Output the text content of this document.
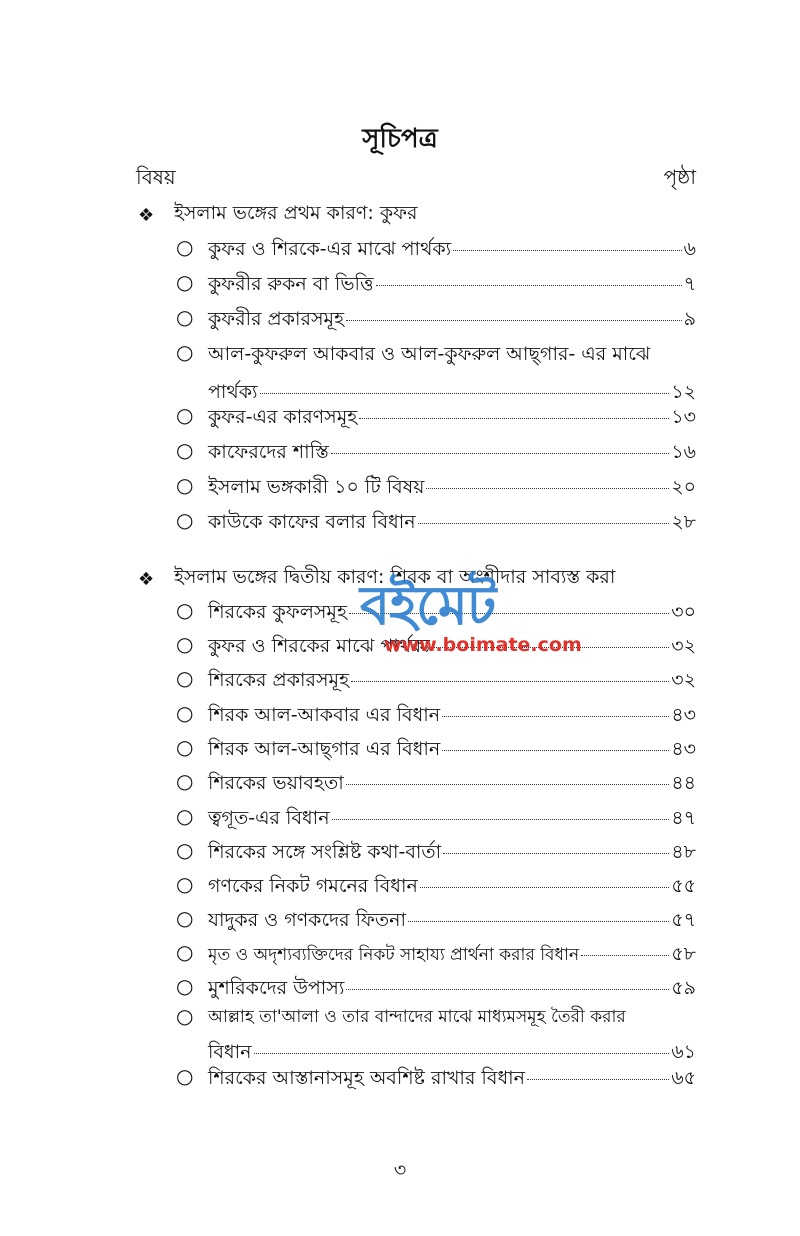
সূচিপত্র
বিষয়	পৃষ্ঠা
❖	ইসলাম ভঙ্গের প্রথম কারণ: কুফর
○ কুফর ও শিরকে-এর মাঝে পার্থক্য	৬
○ কুফরীর রুকন বা ভিত্তি	৭
○ কুফরীর প্রকারসমূহ	৯
○ আল-কুফরুল আকবার ও আল-কুফরুল আছ্গার- এর মাঝে
পার্থক্য	১২
○ কুফর-এর কারণসমূহ	১৩
○ কাফেরদের শাস্তি	১৬
○ ইসলাম ভঙ্গকারী ১০ টি বিষয়	২০
○ কাউকে কাফের বলার বিধান	২৮
❖	ইসলাম ভঙ্গের দ্বিতীয় কারণ: শিরক বা অংশীদার সাব্যস্ত করা
○ শিরকের কুফলসমূহ	৩০
○ কুফর ও শিরকের মাঝে পার্থক্য	৩২
○ শিরকের প্রকারসমূহ	৩২
○ শিরক আল-আকবার এর বিধান	৪৩
○ শিরক আল-আছ্গার এর বিধান	৪৩
○ শিরকের ভয়াবহতা	৪৪
○ ত্বগূত-এর বিধান	৪৭
○ শিরকের সঙ্গে সংশ্লিষ্ট কথা-বার্তা	৪৮
○ গণকের নিকট গমনের বিধান	৫৫
○ যাদুকর ও গণকদের ফিতনা	৫৭
○ মৃত ও অদৃশ্যব্যক্তিদের নিকট সাহায্য প্রার্থনা করার বিধান	৫৮
○ মুশরিকদের উপাস্য	৫৯
○ আল্লাহ তা'আলা ও তার বান্দাদের মাঝে মাধ্যমসমূহ তৈরী করার
বিধান	৬১
○ শিরকের আস্তানাসমূহ অবশিষ্ট রাখার বিধান	৬৫
বইমেট
www.boimate.com
৩
